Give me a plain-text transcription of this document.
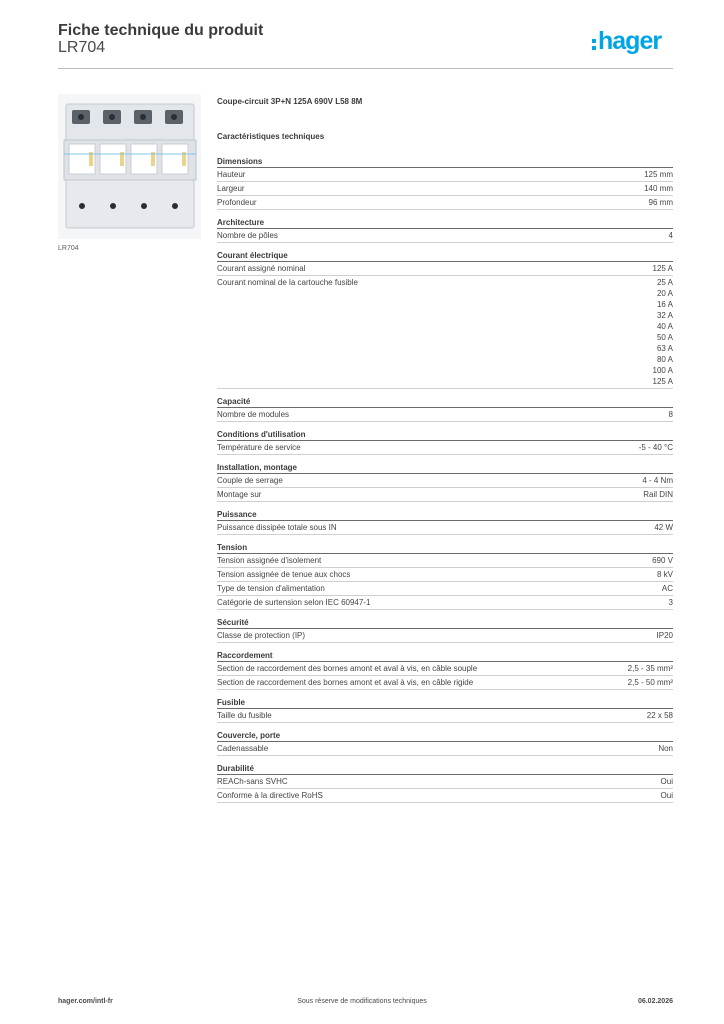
Fiche technique du produit
LR704	hager
LR704
Coupe-circuit 3P+N 125A 690V L58 8M
Caractéristiques techniques
Dimensions
Hauteur	125 mm
Largeur	140 mm
Profondeur	96 mm
Architecture
Nombre de pôles	4
Courant électrique
Courant assigné nominal	125 A
Courant nominal de la cartouche fusible	25 A
20 A
16 A
32 A
40 A
50 A
63 A
80 A
100 A
125 A
Capacité
Nombre de modules	8
Conditions d'utilisation
Température de service	-5 - 40 °C
Installation, montage
Couple de serrage	4 - 4 Nm
Montage sur	Rail DIN
Puissance
Puissance dissipée totale sous IN	42 W
Tension
Tension assignée d'isolement	690 V
Tension assignée de tenue aux chocs	8 kV
Type de tension d'alimentation	AC
Catégorie de surtension selon IEC 60947-1	3
Sécurité
Classe de protection (IP)	IP20
Raccordement
Section de raccordement des bornes amont et aval à vis, en câble souple	2,5 - 35 mm²
Section de raccordement des bornes amont et aval à vis, en câble rigide	2,5 - 50 mm²
Fusible
Taille du fusible	22 x 58
Couvercle, porte
Cadenassable	Non
Durabilité
REACh-sans SVHC	Oui
Conforme à la directive RoHS	Oui
hager.com/intl-fr	Sous réserve de modifications techniques	06.02.2026
